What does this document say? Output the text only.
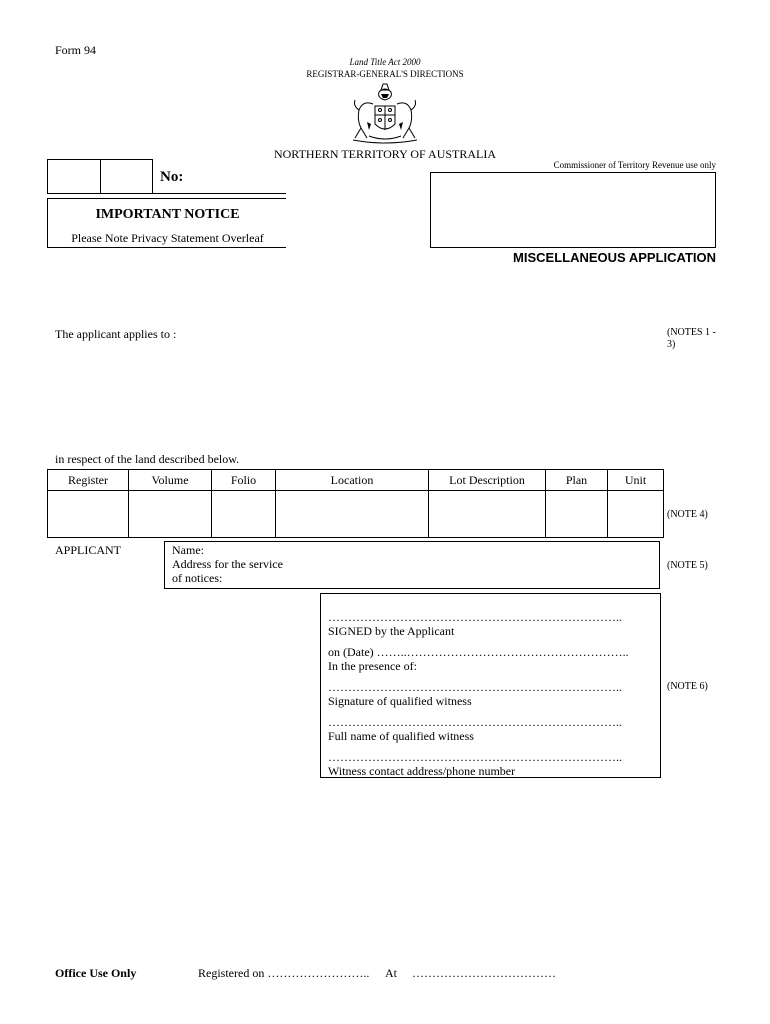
Form 94
Land Title Act 2000
REGISTRAR-GENERAL'S DIRECTIONS
NORTHERN TERRITORY OF AUSTRALIA
No:
IMPORTANT NOTICE
Please Note Privacy Statement Overleaf
Commissioner of Territory Revenue use only
MISCELLANEOUS APPLICATION
The applicant applies to :	(NOTES 1 - 3)
in respect of the land described below.
Register	Volume	Folio	Location	Lot Description	Plan	Unit

(NOTE 4)
APPLICANT	Name:
Address for the service
of notices:
(NOTE 5)
………………………………………………………………..
SIGNED by the Applicant
on (Date) ……..………………………………………………..
In the presence of:
………………………………………………………………..
Signature of qualified witness
………………………………………………………………..
Full name of qualified witness
………………………………………………………………..
Witness contact address/phone number
(NOTE 6)
Office Use Only	Registered on …………………….. At ………………………………
